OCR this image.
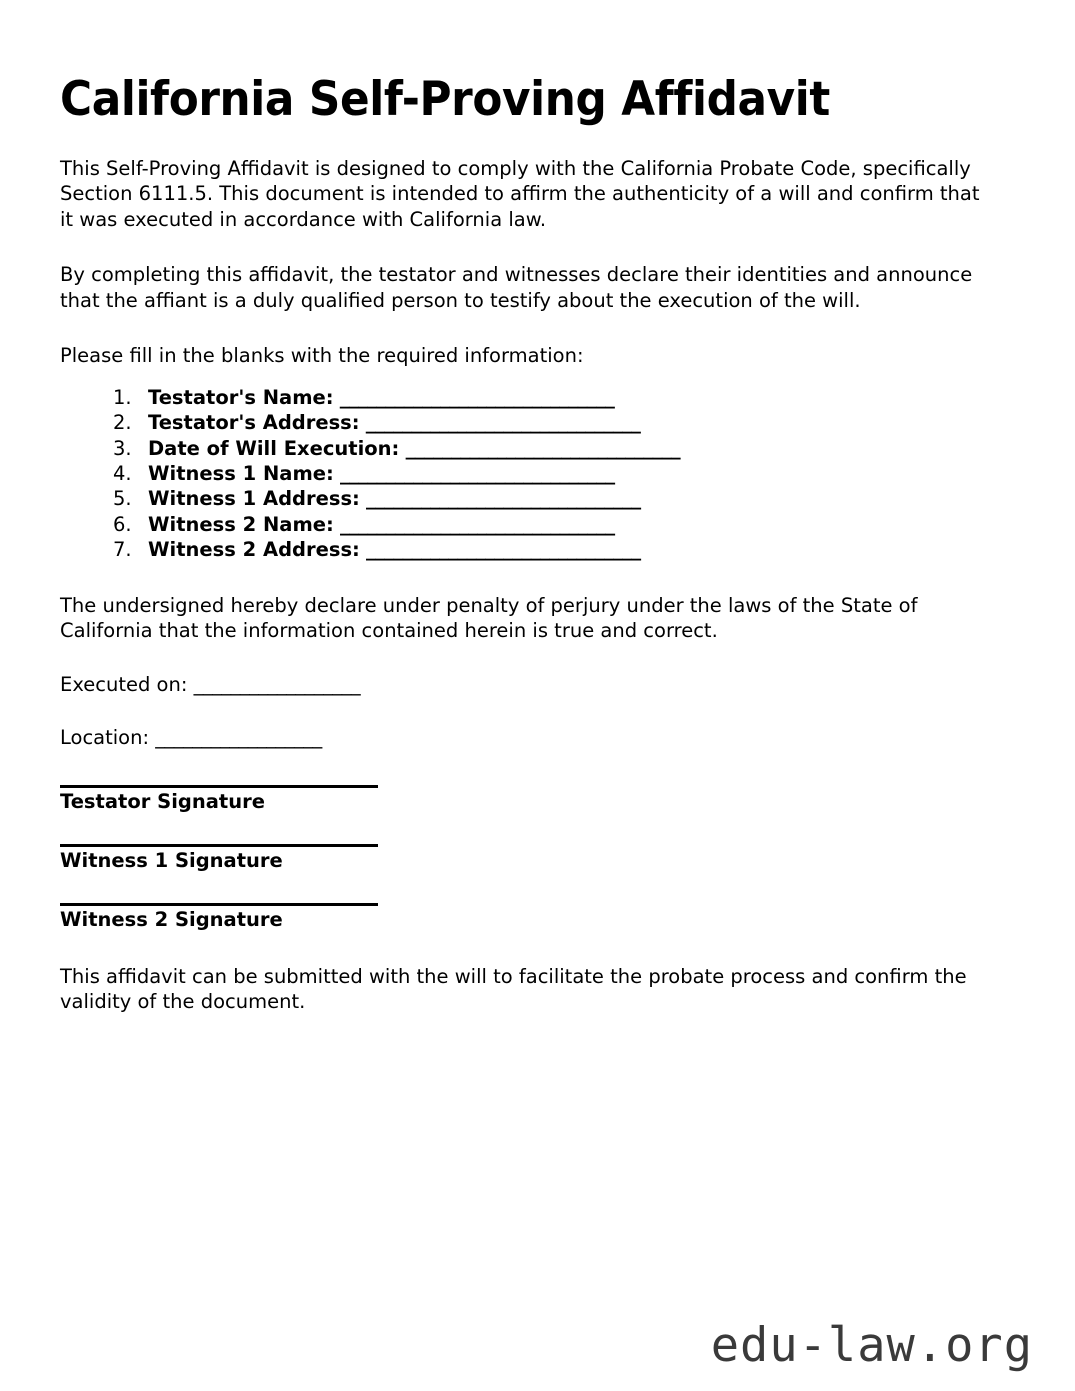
California Self-Proving Affidavit

This Self-Proving Affidavit is designed to comply with the California Probate Code, specifically Section 6111.5. This document is intended to affirm the authenticity of a will and confirm that it was executed in accordance with California law.

By completing this affidavit, the testator and witnesses declare their identities and announce that the affiant is a duly qualified person to testify about the execution of the will.

Please fill in the blanks with the required information:

Testator's Name: ______________________________
Testator's Address: ______________________________
Date of Will Execution: ______________________________
Witness 1 Name: ______________________________
Witness 1 Address: ______________________________
Witness 2 Name: ______________________________
Witness 2 Address: ______________________________

The undersigned hereby declare under penalty of perjury under the laws of the State of California that the information contained herein is true and correct.

Executed on: __________________
Location: __________________
Testator Signature
Witness 1 Signature
Witness 2 Signature

This affidavit can be submitted with the will to facilitate the probate process and confirm the validity of the document.

edu-law.org
